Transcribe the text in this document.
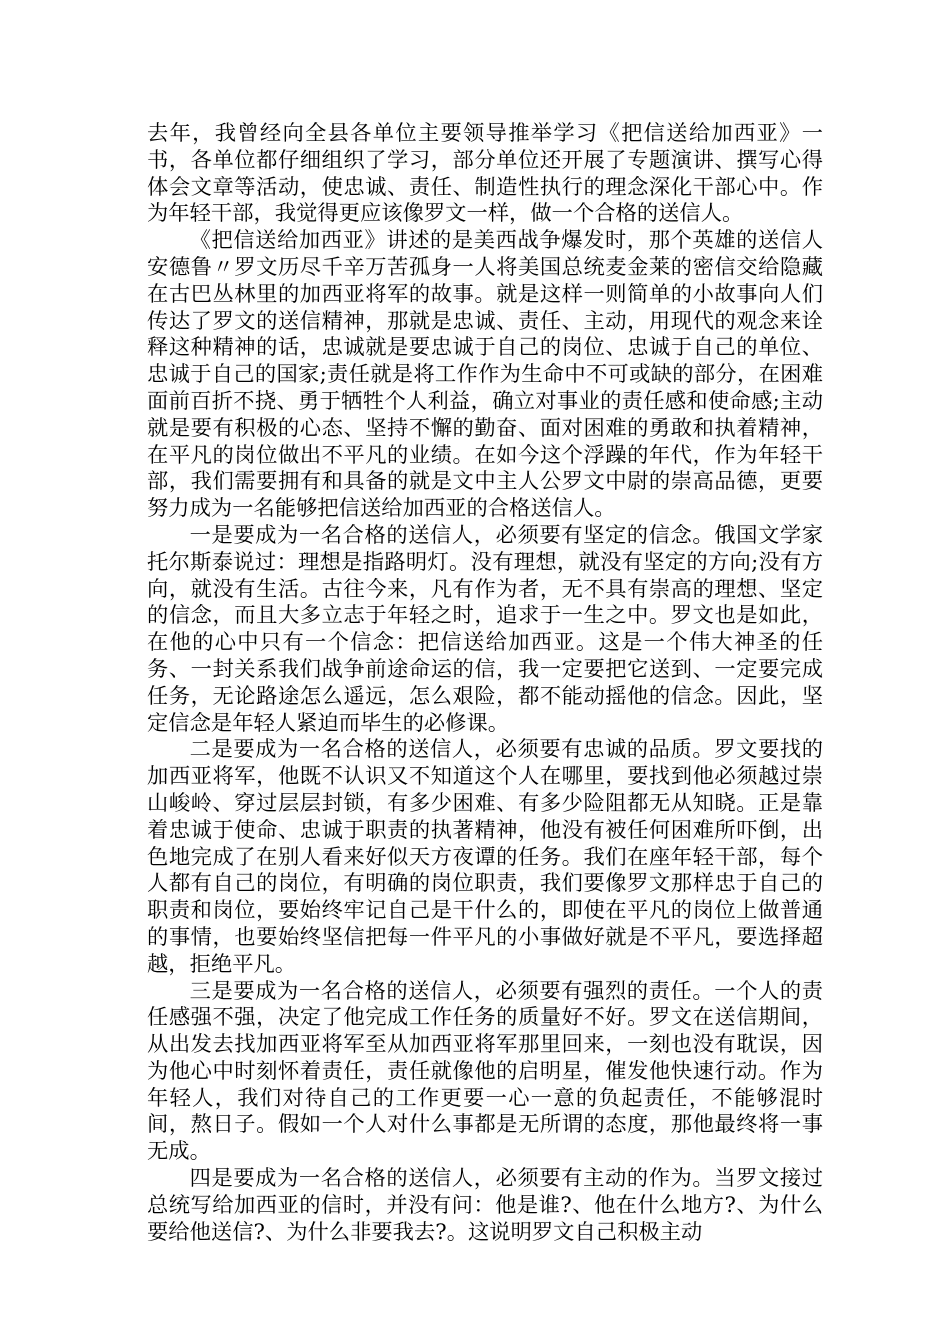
去年，我曾经向全县各单位主要领导推举学习《把信送给加西亚》一书，各单位都仔细组织了学习，部分单位还开展了专题演讲、撰写心得体会文章等活动，使忠诚、责任、制造性执行的理念深化干部心中。作为年轻干部，我觉得更应该像罗文一样，做一个合格的送信人。

《把信送给加西亚》讲述的是美西战争爆发时，那个英雄的送信人安德鲁〃罗文历尽千辛万苦孤身一人将美国总统麦金莱的密信交给隐藏在古巴丛林里的加西亚将军的故事。就是这样一则简单的小故事向人们传达了罗文的送信精神，那就是忠诚、责任、主动，用现代的观念来诠释这种精神的话，忠诚就是要忠诚于自己的岗位、忠诚于自己的单位、忠诚于自己的国家;责任就是将工作作为生命中不可或缺的部分，在困难面前百折不挠、勇于牺牲个人利益，确立对事业的责任感和使命感;主动就是要有积极的心态、坚持不懈的勤奋、面对困难的勇敢和执着精神，在平凡的岗位做出不平凡的业绩。在如今这个浮躁的年代，作为年轻干部，我们需要拥有和具备的就是文中主人公罗文中尉的崇高品德，更要努力成为一名能够把信送给加西亚的合格送信人。

一是要成为一名合格的送信人，必须要有坚定的信念。俄国文学家托尔斯泰说过：理想是指路明灯。没有理想，就没有坚定的方向;没有方向，就没有生活。古往今来，凡有作为者，无不具有崇高的理想、坚定的信念，而且大多立志于年轻之时，追求于一生之中。罗文也是如此，在他的心中只有一个信念：把信送给加西亚。这是一个伟大神圣的任务、一封关系我们战争前途命运的信，我一定要把它送到、一定要完成任务，无论路途怎么遥远，怎么艰险，都不能动摇他的信念。因此，坚定信念是年轻人紧迫而毕生的必修课。

二是要成为一名合格的送信人，必须要有忠诚的品质。罗文要找的加西亚将军，他既不认识又不知道这个人在哪里，要找到他必须越过崇山峻岭、穿过层层封锁，有多少困难、有多少险阻都无从知晓。正是靠着忠诚于使命、忠诚于职责的执著精神，他没有被任何困难所吓倒，出色地完成了在别人看来好似天方夜谭的任务。我们在座年轻干部，每个人都有自己的岗位，有明确的岗位职责，我们要像罗文那样忠于自己的职责和岗位，要始终牢记自己是干什么的，即使在平凡的岗位上做普通的事情，也要始终坚信把每一件平凡的小事做好就是不平凡，要选择超越，拒绝平凡。

三是要成为一名合格的送信人，必须要有强烈的责任。一个人的责任感强不强，决定了他完成工作任务的质量好不好。罗文在送信期间，从出发去找加西亚将军至从加西亚将军那里回来，一刻也没有耽误，因为他心中时刻怀着责任，责任就像他的启明星，催发他快速行动。作为年轻人，我们对待自己的工作更要一心一意的负起责任，不能够混时间，熬日子。假如一个人对什么事都是无所谓的态度，那他最终将一事无成。

四是要成为一名合格的送信人，必须要有主动的作为。当罗文接过总统写给加西亚的信时，并没有问：他是谁?、他在什么地方?、为什么要给他送信?、为什么非要我去?。这说明罗文自己积极主动
